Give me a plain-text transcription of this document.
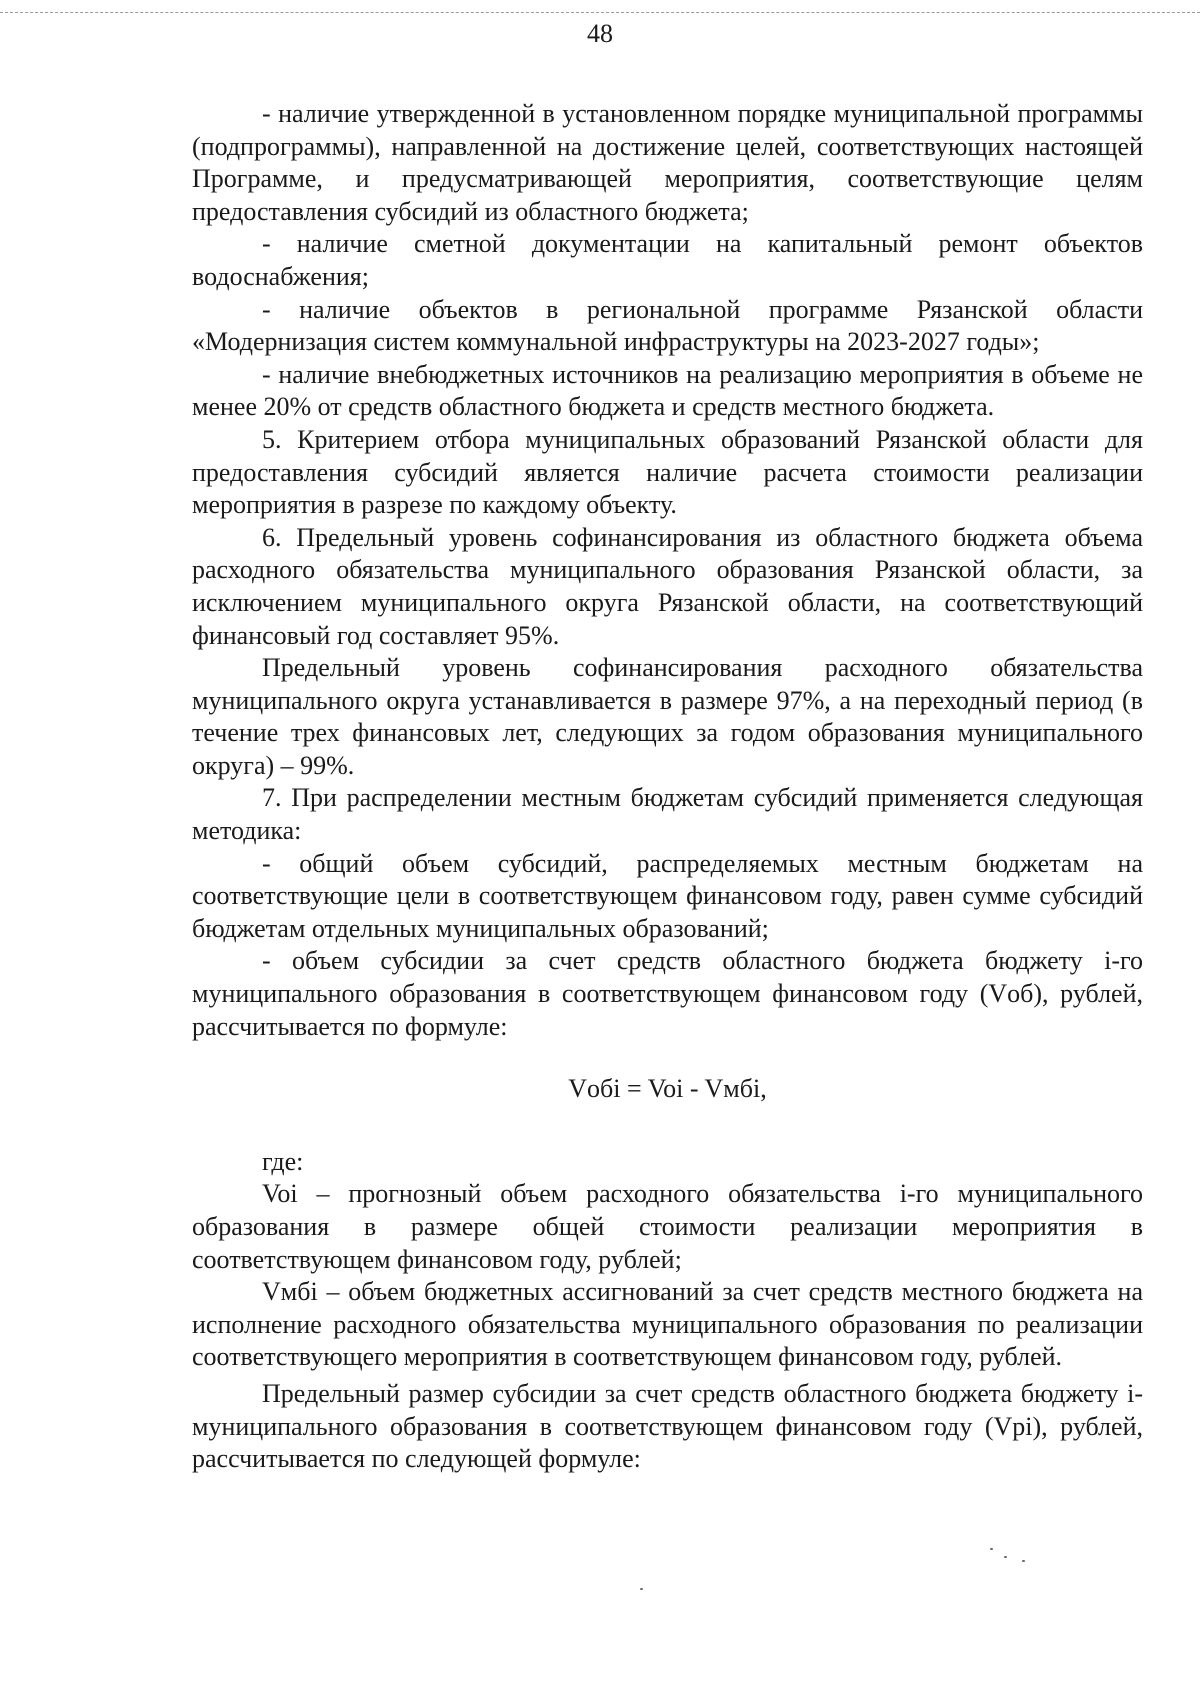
48

- наличие утвержденной в установленном порядке муниципальной программы (подпрограммы), направленной на достижение целей, соответствующих настоящей Программе, и предусматривающей мероприятия, соответствующие целям предоставления субсидий из областного бюджета;

- наличие сметной документации на капитальный ремонт объектов водоснабжения;

- наличие объектов в региональной программе Рязанской области «Модернизация систем коммунальной инфраструктуры на 2023-2027 годы»;

- наличие внебюджетных источников на реализацию мероприятия в объеме не менее 20% от средств областного бюджета и средств местного бюджета.

5. Критерием отбора муниципальных образований Рязанской области для предоставления субсидий является наличие расчета стоимости реализации мероприятия в разрезе по каждому объекту.

6. Предельный уровень софинансирования из областного бюджета объема расходного обязательства муниципального образования Рязанской области, за исключением муниципального округа Рязанской области, на соответствующий финансовый год составляет 95%.

Предельный уровень софинансирования расходного обязательства муниципального округа устанавливается в размере 97%, а на переходный период (в течение трех финансовых лет, следующих за годом образования муниципального округа) – 99%.

7. При распределении местным бюджетам субсидий применяется следующая методика:

- общий объем субсидий, распределяемых местным бюджетам на соответствующие цели в соответствующем финансовом году, равен сумме субсидий бюджетам отдельных муниципальных образований;

- объем субсидии за счет средств областного бюджета бюджету i-го муниципального образования в соответствующем финансовом году (Vоб), рублей, рассчитывается по формуле:

Vобi = Voi - Vмбi,

где:

Voi – прогнозный объем расходного обязательства i-го муниципального образования в размере общей стоимости реализации мероприятия в соответствующем финансовом году, рублей;

Vмбi – объем бюджетных ассигнований за счет средств местного бюджета на исполнение расходного обязательства муниципального образования по реализации соответствующего мероприятия в соответствующем финансовом году, рублей.

Предельный размер субсидии за счет средств областного бюджета бюджету i-муниципального образования в соответствующем финансовом году (Vpi), рублей, рассчитывается по следующей формуле:
